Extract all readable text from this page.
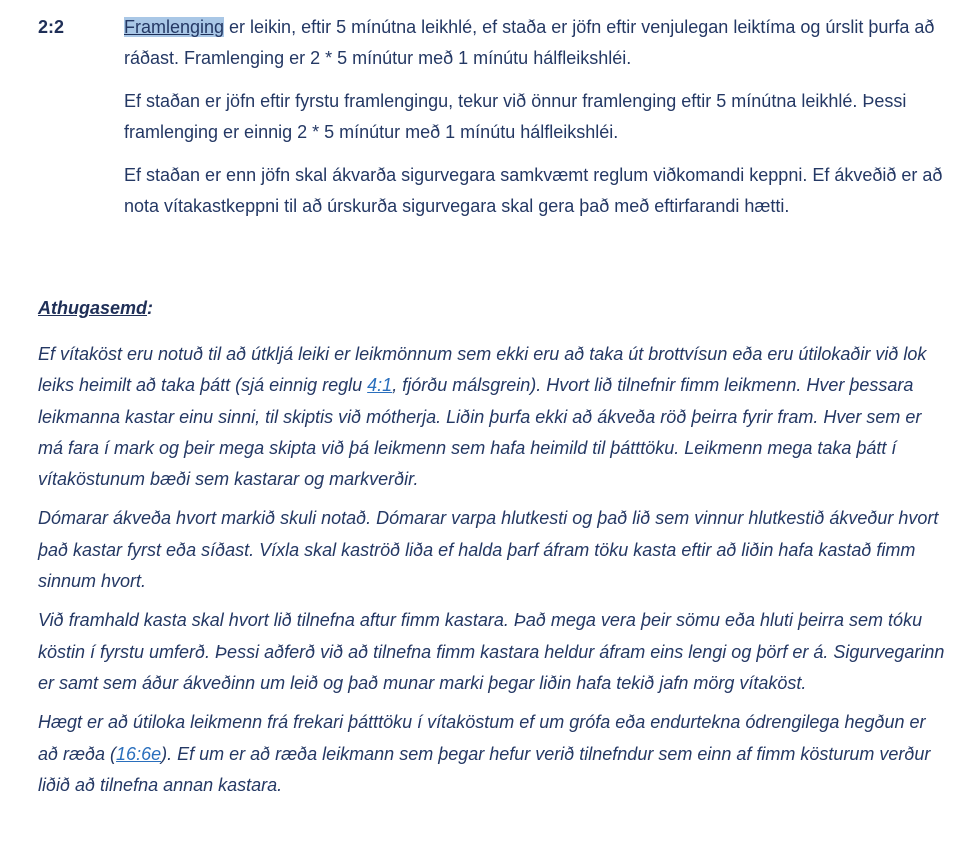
2:2	Framlenging er leikin, eftir 5 mínútna leikhlé, ef staða er jöfn eftir venjulegan leiktíma og úrslit þurfa að ráðast. Framlenging er 2 * 5 mínútur með 1 mínútu hálfleikshléi.

Ef staðan er jöfn eftir fyrstu framlengingu, tekur við önnur framlenging eftir 5 mínútna leikhlé. Þessi framlenging er einnig 2 * 5 mínútur með 1 mínútu hálfleikshléi.

Ef staðan er enn jöfn skal ákvarða sigurvegara samkvæmt reglum viðkomandi keppni. Ef ákveðið er að nota vítakastkeppni til að úrskurða sigurvegara skal gera það með eftirfarandi hætti.

Athugasemd:

Ef vítaköst eru notuð til að útkljá leiki er leikmönnum sem ekki eru að taka út brottvísun eða eru útilokaðir við lok leiks heimilt að taka þátt (sjá einnig reglu 4:1, fjórðu málsgrein). Hvort lið tilnefnir fimm leikmenn. Hver þessara leikmanna kastar einu sinni, til skiptis við mótherja. Liðin þurfa ekki að ákveða röð þeirra fyrir fram. Hver sem er má fara í mark og þeir mega skipta við þá leikmenn sem hafa heimild til þátttöku. Leikmenn mega taka þátt í vítaköstunum bæði sem kastarar og markverðir.

Dómarar ákveða hvort markið skuli notað. Dómarar varpa hlutkesti og það lið sem vinnur hlutkestið ákveður hvort það kastar fyrst eða síðast. Víxla skal kaströð liða ef halda þarf áfram töku kasta eftir að liðin hafa kastað fimm sinnum hvort.

Við framhald kasta skal hvort lið tilnefna aftur fimm kastara. Það mega vera þeir sömu eða hluti þeirra sem tóku köstin í fyrstu umferð. Þessi aðferð við að tilnefna fimm kastara heldur áfram eins lengi og þörf er á. Sigurvegarinn er samt sem áður ákveðinn um leið og það munar marki þegar liðin hafa tekið jafn mörg vítaköst.

Hægt er að útiloka leikmenn frá frekari þátttöku í vítaköstum ef um grófa eða endurtekna ódrengilega hegðun er að ræða (16:6e). Ef um er að ræða leikmann sem þegar hefur verið tilnefndur sem einn af fimm kösturum verður liðið að tilnefna annan kastara.
